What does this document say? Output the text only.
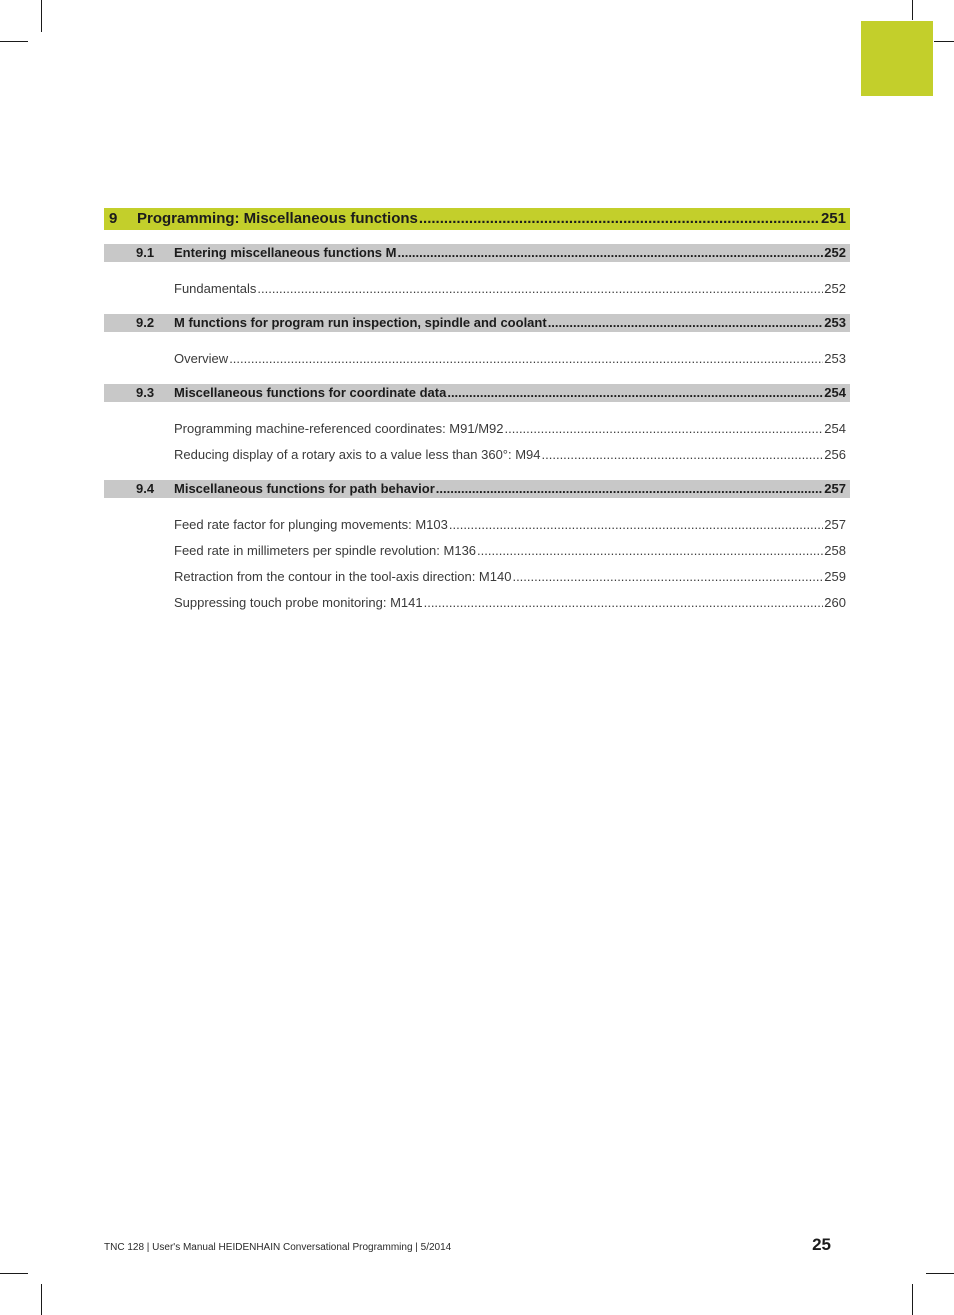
9	Programming: Miscellaneous functions .....	251
9.1	Entering miscellaneous functions M .....	252
Fundamentals .....	252
9.2	M functions for program run inspection, spindle and coolant .....	253
Overview .....	253
9.3	Miscellaneous functions for coordinate data .....	254
Programming machine-referenced coordinates: M91/M92 .....	254
Reducing display of a rotary axis to a value less than 360°: M94 .....	256
9.4	Miscellaneous functions for path behavior .....	257
Feed rate factor for plunging movements: M103 .....	257
Feed rate in millimeters per spindle revolution: M136 .....	258
Retraction from the contour in the tool-axis direction: M140 .....	259
Suppressing touch probe monitoring: M141 .....	260
TNC 128 | User's Manual HEIDENHAIN Conversational Programming | 5/2014	25
